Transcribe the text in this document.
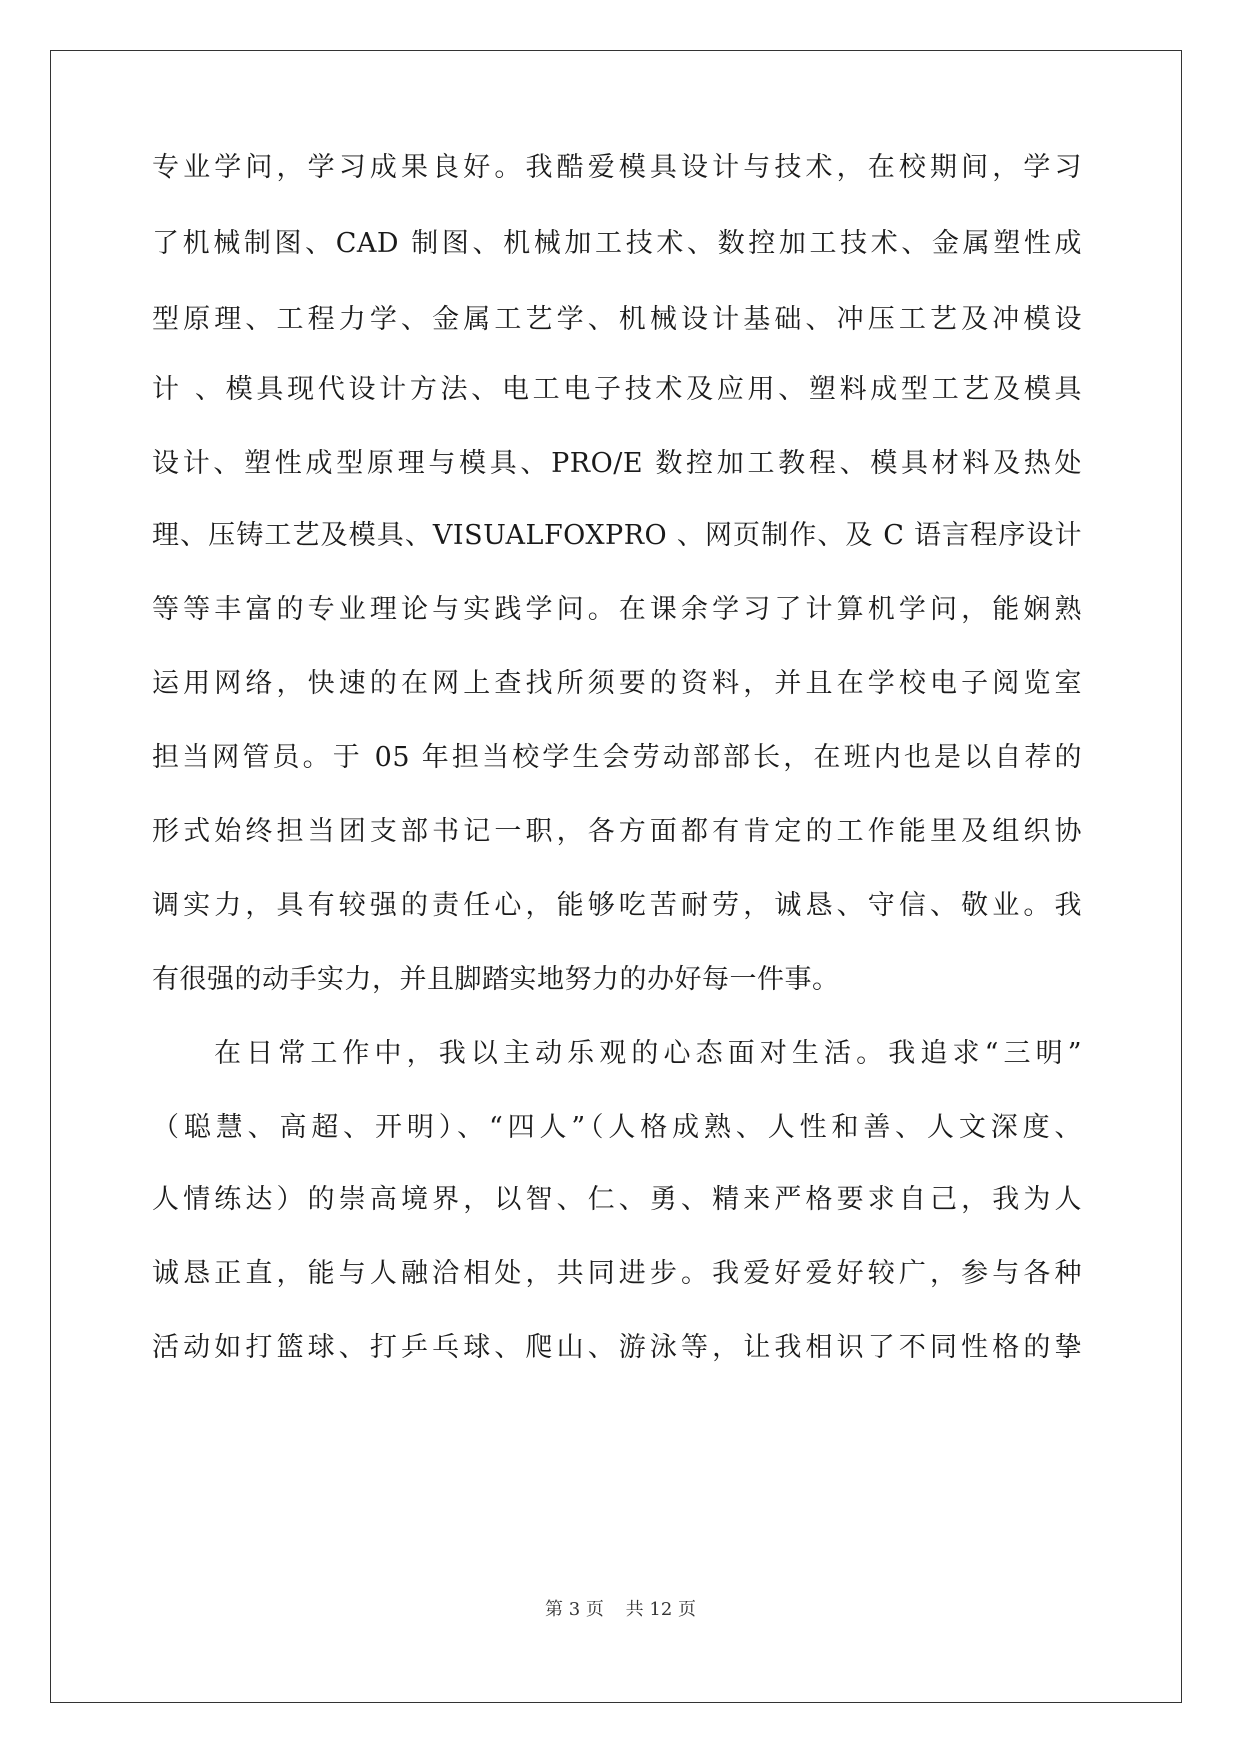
专业学问，学习成果良好。我酷爱模具设计与技术，在校期间，学习
了机械制图、CAD 制图、机械加工技术、数控加工技术、金属塑性成
型原理、工程力学、金属工艺学、机械设计基础、冲压工艺及冲模设
计 、模具现代设计方法、电工电子技术及应用、塑料成型工艺及模具
设计、塑性成型原理与模具、PRO/E 数控加工教程、模具材料及热处
理、压铸工艺及模具、VISUALFOXPRO 、网页制作、及 C 语言程序设计
等等丰富的专业理论与实践学问。在课余学习了计算机学问，能娴熟
运用网络，快速的在网上查找所须要的资料，并且在学校电子阅览室
担当网管员。于 05 年担当校学生会劳动部部长，在班内也是以自荐的
形式始终担当团支部书记一职，各方面都有肯定的工作能里及组织协
调实力，具有较强的责任心，能够吃苦耐劳，诚恳、守信、敬业。我
有很强的动手实力，并且脚踏实地努力的办好每一件事。
在日常工作中，我以主动乐观的心态面对生活。我追求“三明”
（聪慧、高超、开明）、“四人”（人格成熟、人性和善、人文深度、
人情练达）的崇高境界，以智、仁、勇、精来严格要求自己，我为人
诚恳正直，能与人融洽相处，共同进步。我爱好爱好较广，参与各种
活动如打篮球、打乒乓球、爬山、游泳等，让我相识了不同性格的挚
第 3 页 共 12 页
